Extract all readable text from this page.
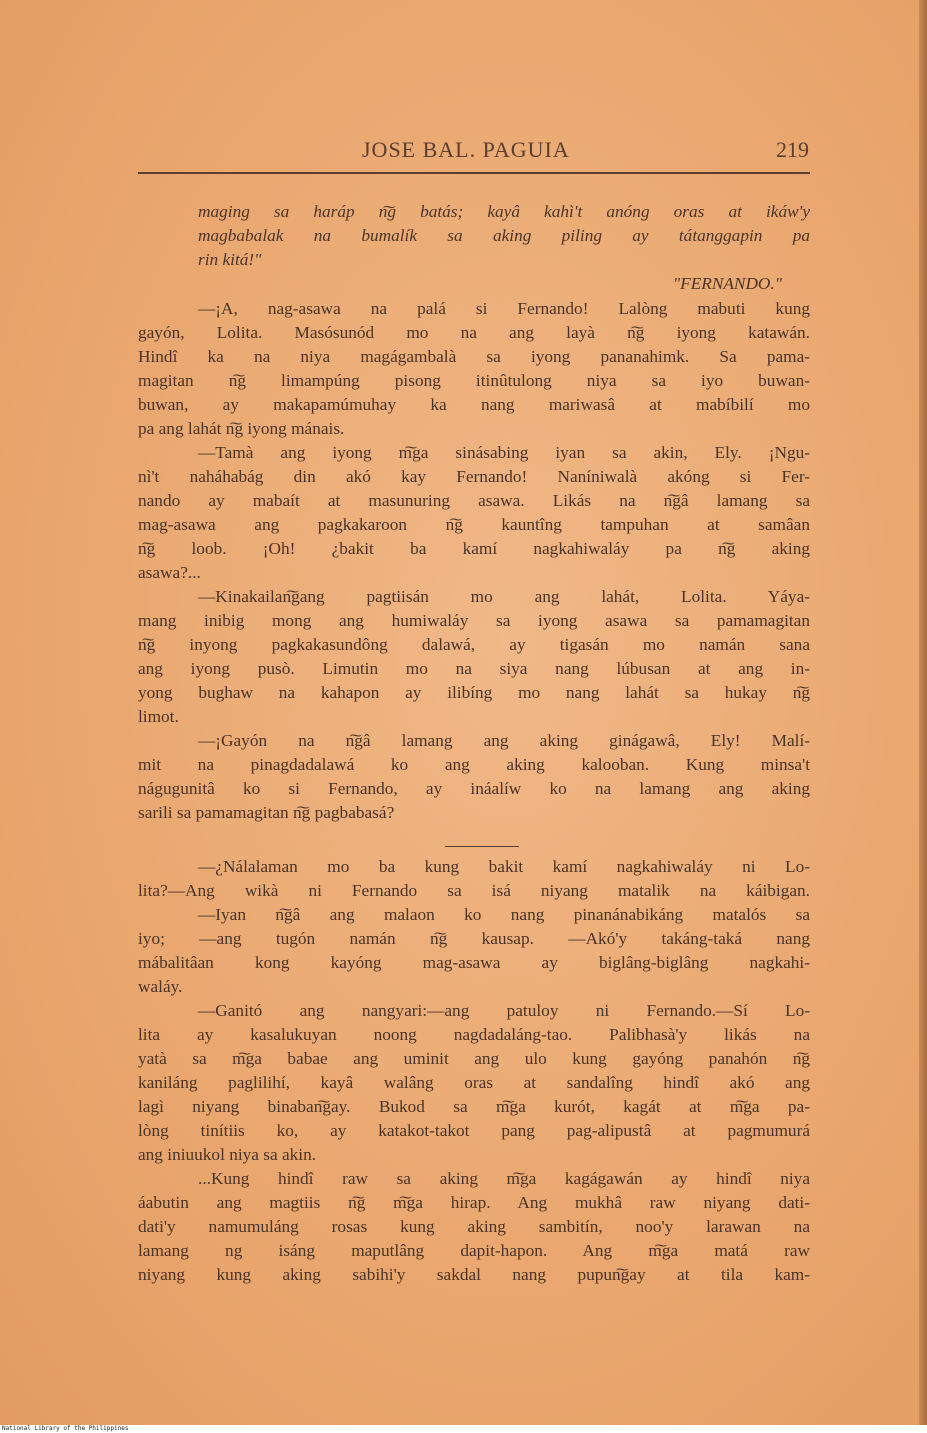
JOSE BAL. PAGUIA	219
maging sa haráp n͠g batás; kayâ kahì't anóng oras at ikáw'y
magbabalak na bumalík sa aking piling ay tátanggapin pa
rin kitá!"
"FERNANDO."
—¡A, nag-asawa na palá si Fernando! Lalòng mabuti kung
gayón, Lolita. Masósunód mo na ang layà n͠g iyong katawán.
Hindî ka na niya magágambalà sa iyong pananahimk. Sa pama-
magitan n͠g limampúng pisong itinûtulong niya sa iyo buwan-
buwan, ay makapamúmuhay ka nang mariwasâ at mabíbilí mo
pa ang lahát n͠g iyong mánais.
—Tamà ang iyong m͠ga sinásabing iyan sa akin, Ely. ¡Ngu-
nì't naháhabág din akó kay Fernando! Naníniwalà akóng si Fer-
nando ay mabaít at masunuring asawa. Likás na n͠gâ lamang sa
mag-asawa ang pagkakaroon n͠g kauntîng tampuhan at samâan
n͠g loob. ¡Oh! ¿bakit ba kamí nagkahiwaláy pa n͠g aking
asawa?...
—Kinakailan͠gang pagtiisán mo ang lahát, Lolita. Yáya-
mang inibig mong ang humiwaláy sa iyong asawa sa pamamagitan
n͠g inyong pagkakasundông dalawá, ay tigasán mo namán sana
ang iyong pusò. Limutin mo na siya nang lúbusan at ang in-
yong bughaw na kahapon ay ilibíng mo nang lahát sa hukay n͠g
limot.
—¡Gayón na n͠gâ lamang ang aking ginágawâ, Ely! Malí-
mit na pinagdadalawá ko ang aking kalooban. Kung minsa't
nágugunitâ ko si Fernando, ay ináalíw ko na lamang ang aking
sarili sa pamamagitan n͠g pagbabasá?
—¿Nálalaman mo ba kung bakit kamí nagkahiwaláy ni Lo-
lita?—Ang wikà ni Fernando sa isá niyang matalik na káibigan.
—Iyan n͠gâ ang malaon ko nang pinanánabikáng matalós sa
iyo; —ang tugón namán n͠g kausap. —Akó'y takáng-taká nang
mábalitâan kong kayóng mag-asawa ay biglâng-biglâng nagkahi-
waláy.
—Ganitó ang nangyari:—ang patuloy ni Fernando.—Sí Lo-
lita ay kasalukuyan noong nagdadaláng-tao. Palibhasà'y likás na
yatà sa m͠ga babae ang uminit ang ulo kung gayóng panahón n͠g
kaniláng paglilihí, kayâ walâng oras at sandalîng hindî akó ang
lagì niyang binaban͠gay. Bukod sa m͠ga kurót, kagát at m͠ga pa-
lòng tinítiis ko, ay katakot-takot pang pag-alipustâ at pagmumurá
ang iniuukol niya sa akin.
...Kung hindî raw sa aking m͠ga kagágawán ay hindî niya
áabutin ang magtiis n͠g m͠ga hirap. Ang mukhâ raw niyang dati-
dati'y namumuláng rosas kung aking sambitín, noo'y larawan na
lamang ng isáng maputlâng dapit-hapon. Ang m͠ga matá raw
niyang kung aking sabihi'y sakdal nang pupun͠gay at tila kam-
National Library of the Philippines
